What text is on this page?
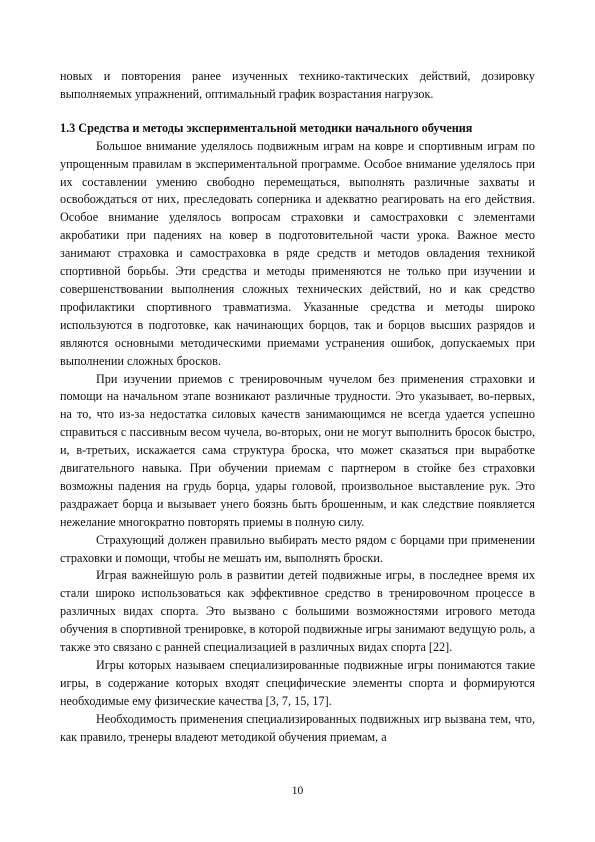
новых и повторения ранее изученных технико-тактических действий, дозировку выполняемых упражнений, оптимальный график возрастания нагрузок.

1.3 Средства и методы экспериментальной методики начального обучения

Большое внимание уделялось подвижным играм на ковре и спортивным играм по упрощенным правилам в экспериментальной программе. Особое внимание уделялось при их составлении умению свободно перемещаться, выполнять различные захваты и освобождаться от них, преследовать соперника и адекватно реагировать на его действия. Особое внимание уделялось вопросам страховки и самостраховки с элементами акробатики при падениях на ковер в подготовительной части урока. Важное место занимают страховка и самостраховка в ряде средств и методов овладения техникой спортивной борьбы. Эти средства и методы применяются не только при изучении и совершенствовании выполнения сложных технических действий, но и как средство профилактики спортивного травматизма. Указанные средства и методы широко используются в подготовке, как начинающих борцов, так и борцов высших разрядов и являются основными методическими приемами устранения ошибок, допускаемых при выполнении сложных бросков.

При изучении приемов с тренировочным чучелом без применения страховки и помощи на начальном этапе возникают различные трудности. Это указывает, во-первых, на то, что из-за недостатка силовых качеств занимающимся не всегда удается успешно справиться с пассивным весом чучела, во-вторых, они не могут выполнить бросок быстро, и, в-третьих, искажается сама структура броска, что может сказаться при выработке двигательного навыка. При обучении приемам с партнером в стойке без страховки возможны падения на грудь борца, удары головой, произвольное выставление рук. Это раздражает борца и вызывает унего боязнь быть брошенным, и как следствие появляется нежелание многократно повторять приемы в полную силу.

Страхующий должен правильно выбирать место рядом с борцами при применении страховки и помощи, чтобы не мешать им, выполнять броски.

Играя важнейшую роль в развитии детей подвижные игры, в последнее время их стали широко использоваться как эффективное средство в тренировочном процессе в различных видах спорта. Это вызвано с большими возможностями игрового метода обучения в спортивной тренировке, в которой подвижные игры занимают ведущую роль, а также это связано с ранней специализацией в различных видах спорта [22].

Игры которых называем специализированные подвижные игры понимаются такие игры, в содержание которых входят специфические элементы спорта и формируются необходимые ему физические качества [3, 7, 15, 17].

Необходимость применения специализированных подвижных игр вызвана тем, что, как правило, тренеры владеют методикой обучения приемам, а

10
